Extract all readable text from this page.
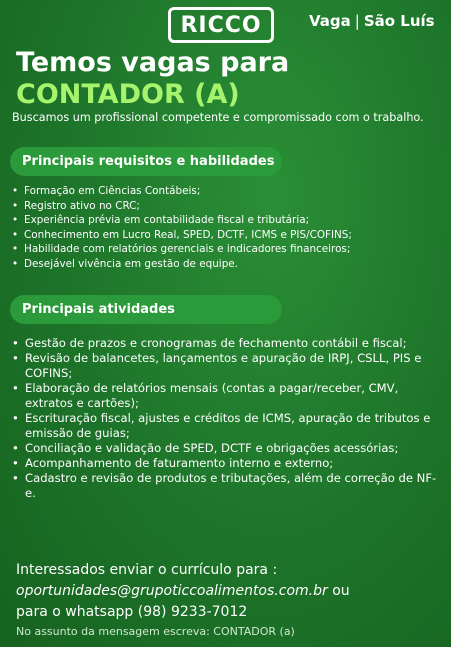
RICCO	Vaga | São Luís
Temos vagas para
CONTADOR (A)
Buscamos um profissional competente e compromissado com o trabalho.
Principais requisitos e habilidades
• Formação em Ciências Contábeis;
• Registro ativo no CRC;
• Experiência prévia em contabilidade fiscal e tributária;
• Conhecimento em Lucro Real, SPED, DCTF, ICMS e PIS/COFINS;
• Habilidade com relatórios gerenciais e indicadores financeiros;
• Desejável vivência em gestão de equipe.
Principais atividades
• Gestão de prazos e cronogramas de fechamento contábil e fiscal;
• Revisão de balancetes, lançamentos e apuração de IRPJ, CSLL, PIS e COFINS;
• Elaboração de relatórios mensais (contas a pagar/receber, CMV, extratos e cartões);
• Escrituração fiscal, ajustes e créditos de ICMS, apuração de tributos e emissão de guias;
• Conciliação e validação de SPED, DCTF e obrigações acessórias;
• Acompanhamento de faturamento interno e externo;
• Cadastro e revisão de produtos e tributações, além de correção de NF-e.
Interessados enviar o currículo para :
oportunidades@grupoticcoalimentos.com.br ou
para o whatsapp (98) 9233-7012
No assunto da mensagem escreva: CONTADOR (a)
